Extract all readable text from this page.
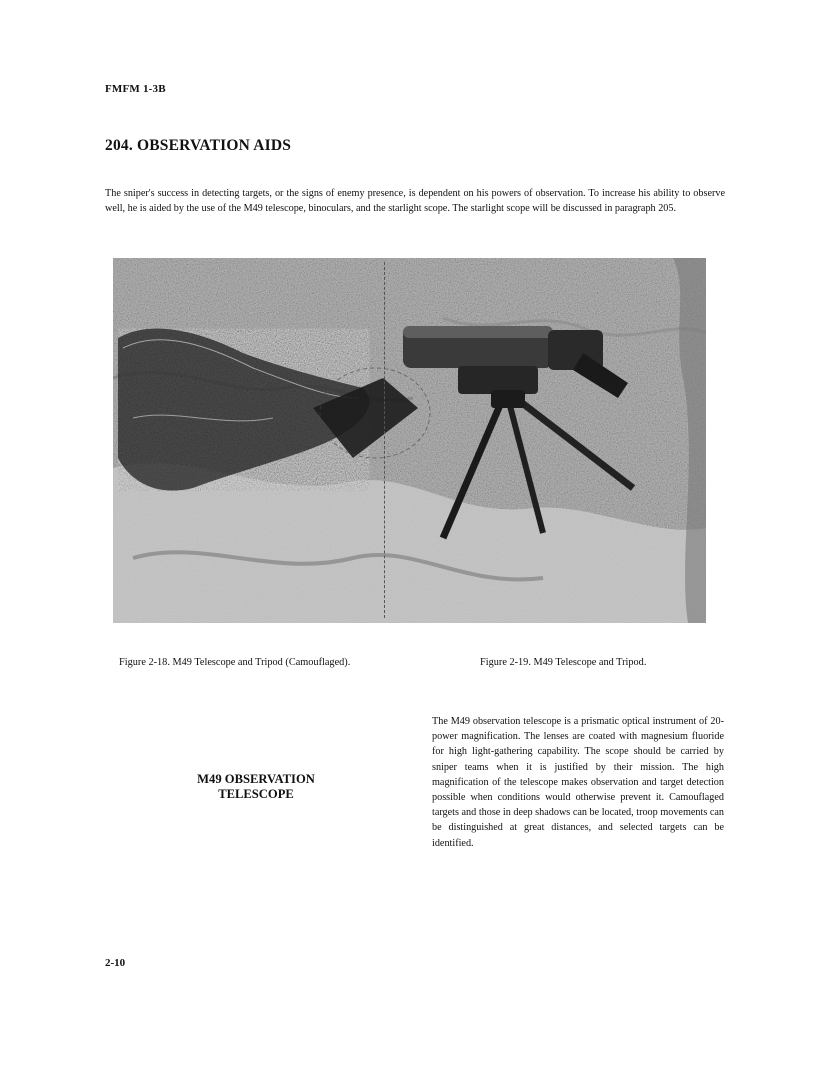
FMFM 1-3B
204. OBSERVATION AIDS
The sniper's success in detecting targets, or the signs of enemy presence, is dependent on his powers of observation. To increase his ability to observe well, he is aided by the use of the M49 telescope, binoculars, and the starlight scope. The starlight scope will be discussed in paragraph 205.
Figure 2-18. M49 Telescope and Tripod (Camouflaged).	Figure 2-19. M49 Telescope and Tripod.
M49 OBSERVATION
TELESCOPE
The M49 observation telescope is a prismatic optical instrument of 20-power magnification. The lenses are coated with magnesium fluoride for high light-gathering capability. The scope should be carried by sniper teams when it is justified by their mission. The high magnification of the telescope makes observation and target detection possible when conditions would otherwise prevent it. Camouflaged targets and those in deep shadows can be located, troop movements can be distinguished at great distances, and selected targets can be identified.
2-10
